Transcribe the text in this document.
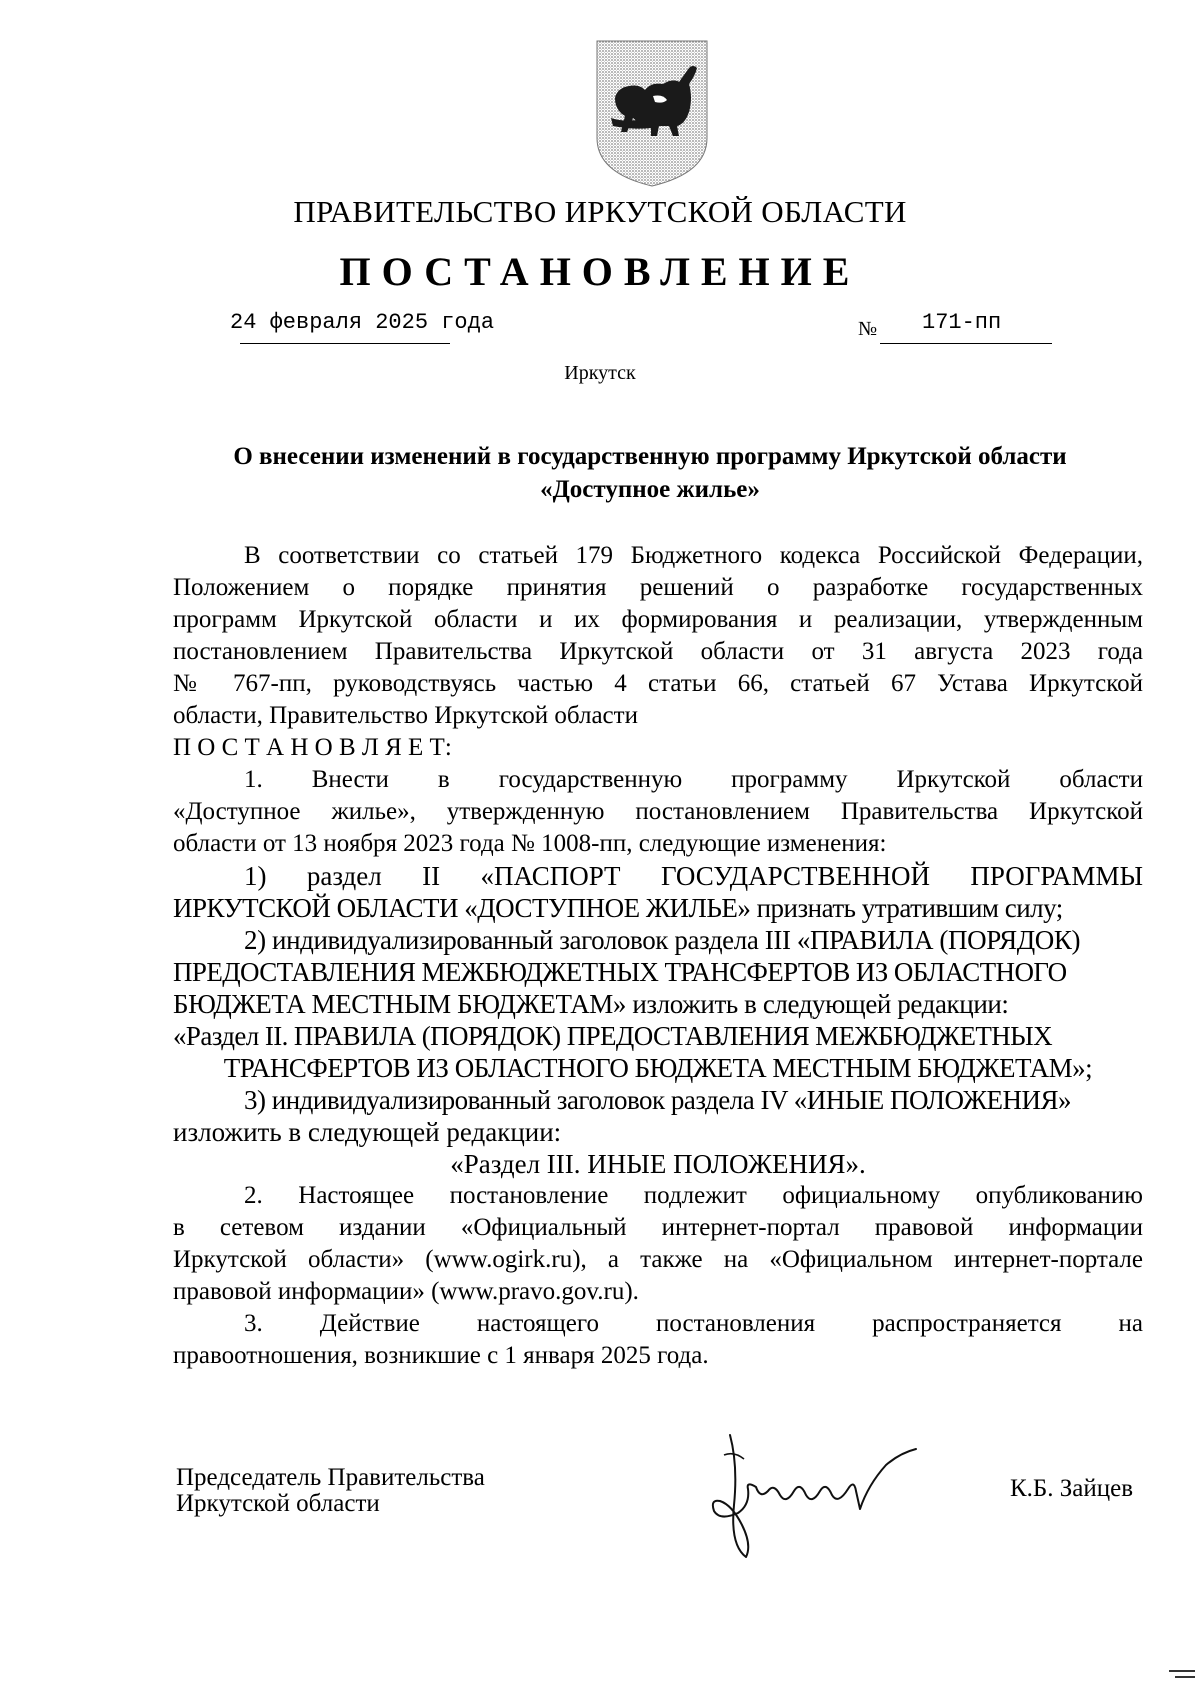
ПРАВИТЕЛЬСТВО ИРКУТСКОЙ ОБЛАСТИ
ПОСТАНОВЛЕНИЕ
24 февраля 2025 года	№ 171-пп
Иркутск
О внесении изменений в государственную программу Иркутской области
«Доступное жилье»
В соответствии со статьей 179 Бюджетного кодекса Российской Федерации,
Положением о порядке принятия решений о разработке государственных
программ Иркутской области и их формирования и реализации, утвержденным
постановлением Правительства Иркутской области от 31 августа 2023 года
№ 767-пп, руководствуясь частью 4 статьи 66, статьей 67 Устава Иркутской
области, Правительство Иркутской области
П О С Т А Н О В Л Я Е Т:
1. Внести в государственную программу Иркутской области
«Доступное жилье», утвержденную постановлением Правительства Иркутской
области от 13 ноября 2023 года № 1008-пп, следующие изменения:
1) раздел II «ПАСПОРТ ГОСУДАРСТВЕННОЙ ПРОГРАММЫ
ИРКУТСКОЙ ОБЛАСТИ «ДОСТУПНОЕ ЖИЛЬЕ» признать утратившим силу;
2) индивидуализированный заголовок раздела III «ПРАВИЛА (ПОРЯДОК)
ПРЕДОСТАВЛЕНИЯ МЕЖБЮДЖЕТНЫХ ТРАНСФЕРТОВ ИЗ ОБЛАСТНОГО
БЮДЖЕТА МЕСТНЫМ БЮДЖЕТАМ» изложить в следующей редакции:
«Раздел II. ПРАВИЛА (ПОРЯДОК) ПРЕДОСТАВЛЕНИЯ МЕЖБЮДЖЕТНЫХ
ТРАНСФЕРТОВ ИЗ ОБЛАСТНОГО БЮДЖЕТА МЕСТНЫМ БЮДЖЕТАМ»;
3) индивидуализированный заголовок раздела IV «ИНЫЕ ПОЛОЖЕНИЯ»
изложить в следующей редакции:
«Раздел III. ИНЫЕ ПОЛОЖЕНИЯ».
2. Настоящее постановление подлежит официальному опубликованию
в сетевом издании «Официальный интернет-портал правовой информации
Иркутской области» (www.ogirk.ru), а также на «Официальном интернет-портале
правовой информации» (www.pravo.gov.ru).
3. Действие настоящего постановления распространяется на
правоотношения, возникшие с 1 января 2025 года.
Председатель Правительства
Иркутской области
К.Б. Зайцев
